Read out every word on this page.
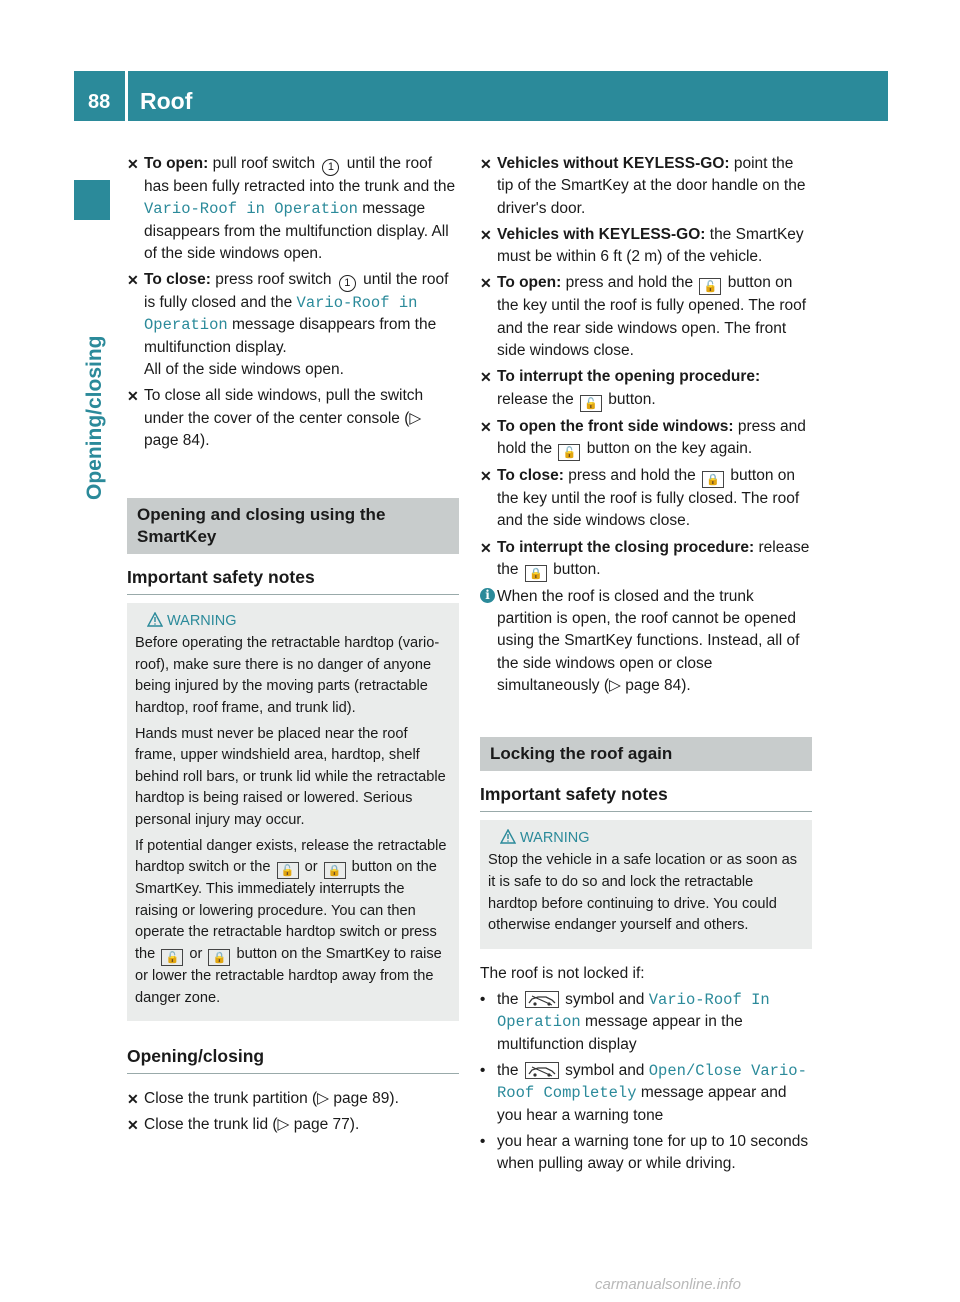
88 Roof
Opening/closing
✕ To open: pull roof switch 1 until the roof has been fully retracted into the trunk and the Vario-Roof in Operation message disappears from the multifunction display. All of the side windows open.
✕ To close: press roof switch 1 until the roof is fully closed and the Vario-Roof in Operation message disappears from the multifunction display.
All of the side windows open.
✕ To close all side windows, pull the switch under the cover of the center console (▷ page 84).
Opening and closing using the SmartKey
Important safety notes
WARNING

Before operating the retractable hardtop (vario-roof), make sure there is no danger of anyone being injured by the moving parts (retractable hardtop, roof frame, and trunk lid).

Hands must never be placed near the roof frame, upper windshield area, hardtop, shelf behind roll bars, or trunk lid while the retractable hardtop is being raised or lowered. Serious personal injury may occur.

If potential danger exists, release the retractable hardtop switch or the 🔓 or 🔒 button on the SmartKey. This immediately interrupts the raising or lowering procedure. You can then operate the retractable hardtop switch or press the 🔓 or 🔒 button on the SmartKey to raise or lower the retractable hardtop away from the danger zone.

Opening/closing
✕ Close the trunk partition (▷ page 89).
✕ Close the trunk lid (▷ page 77).
✕ Vehicles without KEYLESS-GO: point the tip of the SmartKey at the door handle on the driver's door.
✕ Vehicles with KEYLESS-GO: the SmartKey must be within 6 ft (2 m) of the vehicle.
✕ To open: press and hold the 🔓 button on the key until the roof is fully opened. The roof and the rear side windows open. The front side windows close.
✕ To interrupt the opening procedure: release the 🔓 button.
✕ To open the front side windows: press and hold the 🔓 button on the key again.
✕ To close: press and hold the 🔒 button on the key until the roof is fully closed. The roof and the side windows close.
✕ To interrupt the closing procedure: release the 🔒 button.
i When the roof is closed and the trunk partition is open, the roof cannot be opened using the SmartKey functions. Instead, all of the side windows open or close simultaneously (▷ page 84).
Locking the roof again
Important safety notes
WARNING

Stop the vehicle in a safe location or as soon as it is safe to do so and lock the retractable hardtop before continuing to drive. You could otherwise endanger yourself and others.

The roof is not locked if:
• the  symbol and Vario-Roof In Operation message appear in the multifunction display
• the  symbol and Open/Close Vario-Roof Completely message appear and you hear a warning tone
• you hear a warning tone for up to 10 seconds when pulling away or while driving.
carmanualsonline.info
